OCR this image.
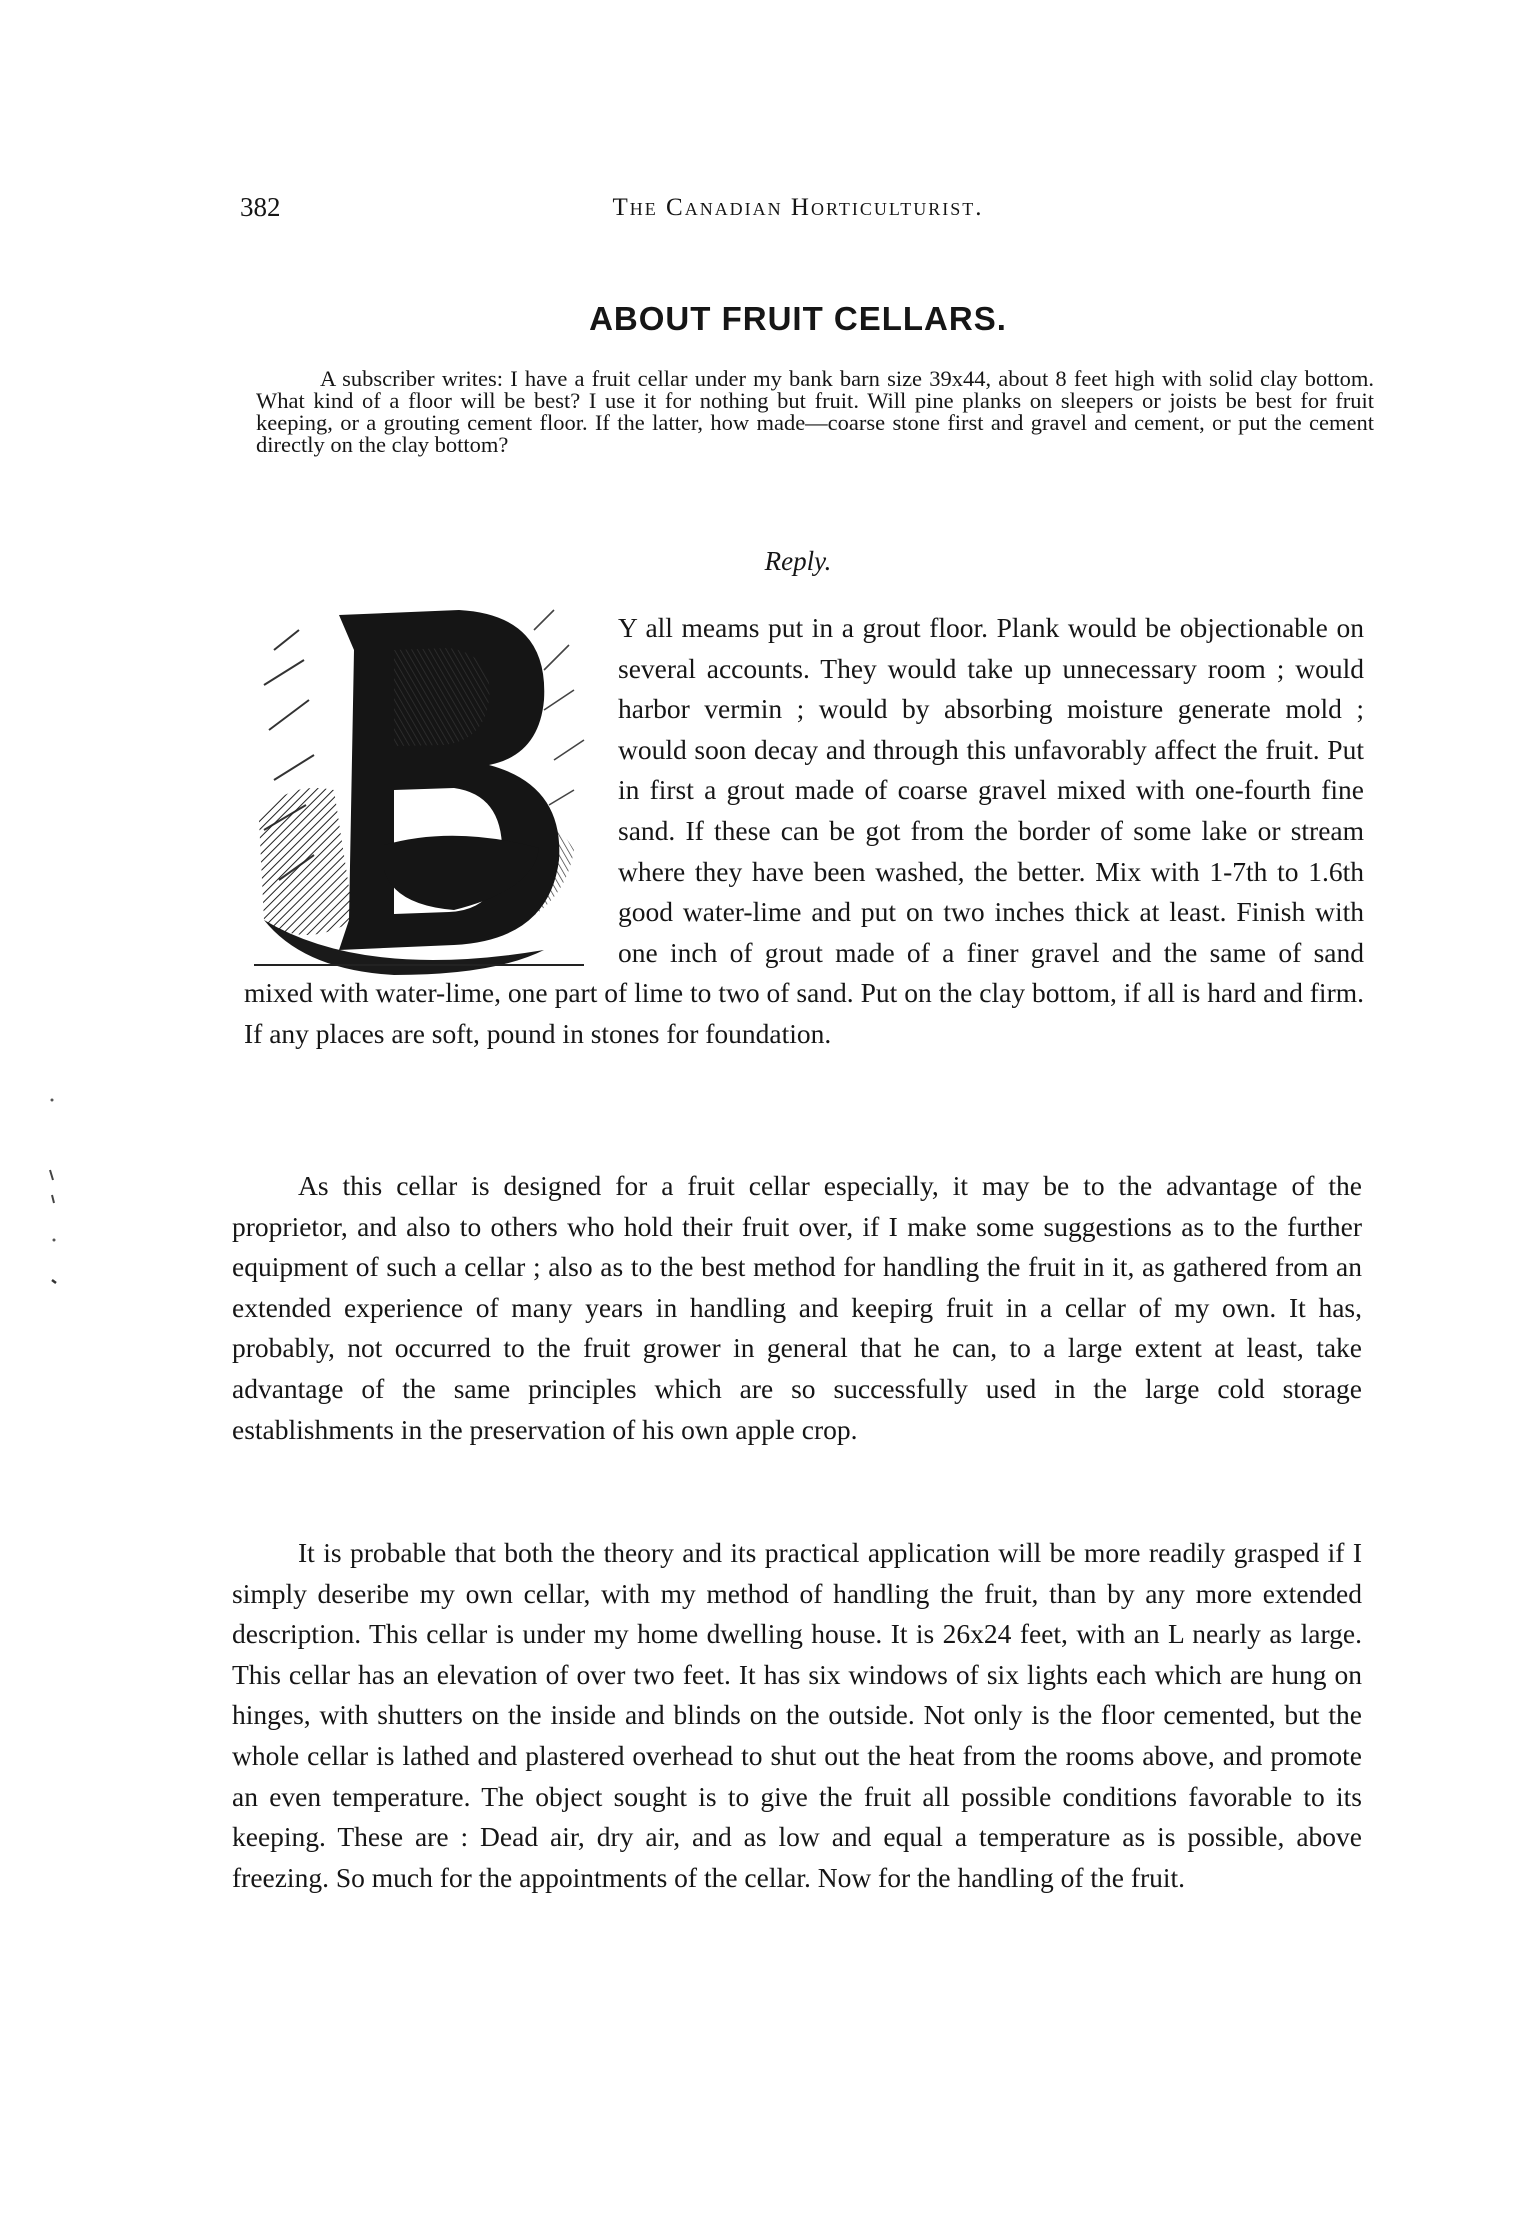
382	The Canadian Horticulturist.
ABOUT FRUIT CELLARS.

A subscriber writes: I have a fruit cellar under my bank barn size 39x44, about 8 feet high with solid clay bottom. What kind of a floor will be best? I use it for nothing but fruit. Will pine planks on sleepers or joists be best for fruit keeping, or a grouting cement floor. If the latter, how made—coarse stone first and gravel and cement, or put the cement directly on the clay bottom?

Reply.
Y all meams put in a grout floor. Plank would be objectionable on several accounts. They would take up unnecessary room ; would harbor vermin ; would by absorbing moisture generate mold ; would soon decay and through this unfavorably affect the fruit. Put in first a grout made of coarse gravel mixed with one-fourth fine sand. If these can be got from the border of some lake or stream where they have been washed, the better. Mix with 1-7th to 1.6th good water-lime and put on two inches thick at least. Finish with one inch of grout made of a finer gravel and the same of sand mixed with water-lime, one part of lime to two of sand. Put on the clay bottom, if all is hard and firm. If any places are soft, pound in stones for foundation.

As this cellar is designed for a fruit cellar especially, it may be to the advantage of the proprietor, and also to others who hold their fruit over, if I make some suggestions as to the further equipment of such a cellar ; also as to the best method for handling the fruit in it, as gathered from an extended experience of many years in handling and keepirg fruit in a cellar of my own. It has, probably, not occurred to the fruit grower in general that he can, to a large extent at least, take advantage of the same principles which are so successfully used in the large cold storage establishments in the preservation of his own apple crop.

It is probable that both the theory and its practical application will be more readily grasped if I simply deseribe my own cellar, with my method of handling the fruit, than by any more extended description. This cellar is under my home dwelling house. It is 26x24 feet, with an L nearly as large. This cellar has an elevation of over two feet. It has six windows of six lights each which are hung on hinges, with shutters on the inside and blinds on the outside. Not only is the floor cemented, but the whole cellar is lathed and plastered overhead to shut out the heat from the rooms above, and promote an even temperature. The object sought is to give the fruit all possible conditions favorable to its keeping. These are : Dead air, dry air, and as low and equal a temperature as is possible, above freezing. So much for the appointments of the cellar. Now for the handling of the fruit.
